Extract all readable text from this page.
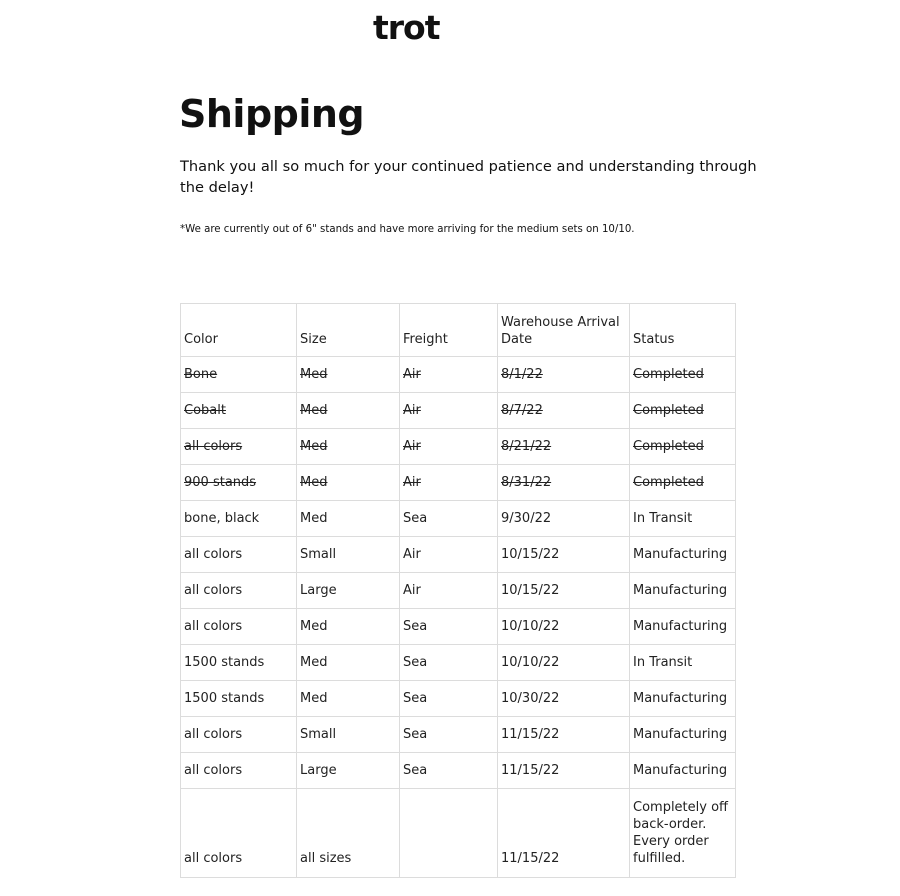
trot
Shipping

Thank you all so much for your continued patience and understanding through the delay!

*We are currently out of 6" stands and have more arriving for the medium sets on 10/10.

Color	Size	Freight	Warehouse Arrival Date	Status
Bone	Med	Air	8/1/22	Completed
Cobalt	Med	Air	8/7/22	Completed
all colors	Med	Air	8/21/22	Completed
900 stands	Med	Air	8/31/22	Completed
bone, black	Med	Sea	9/30/22	In Transit
all colors	Small	Air	10/15/22	Manufacturing
all colors	Large	Air	10/15/22	Manufacturing
all colors	Med	Sea	10/10/22	Manufacturing
1500 stands	Med	Sea	10/10/22	In Transit
1500 stands	Med	Sea	10/30/22	Manufacturing
all colors	Small	Sea	11/15/22	Manufacturing
all colors	Large	Sea	11/15/22	Manufacturing
all colors	all sizes		11/15/22	Completely off back-order. Every order fulfilled.
